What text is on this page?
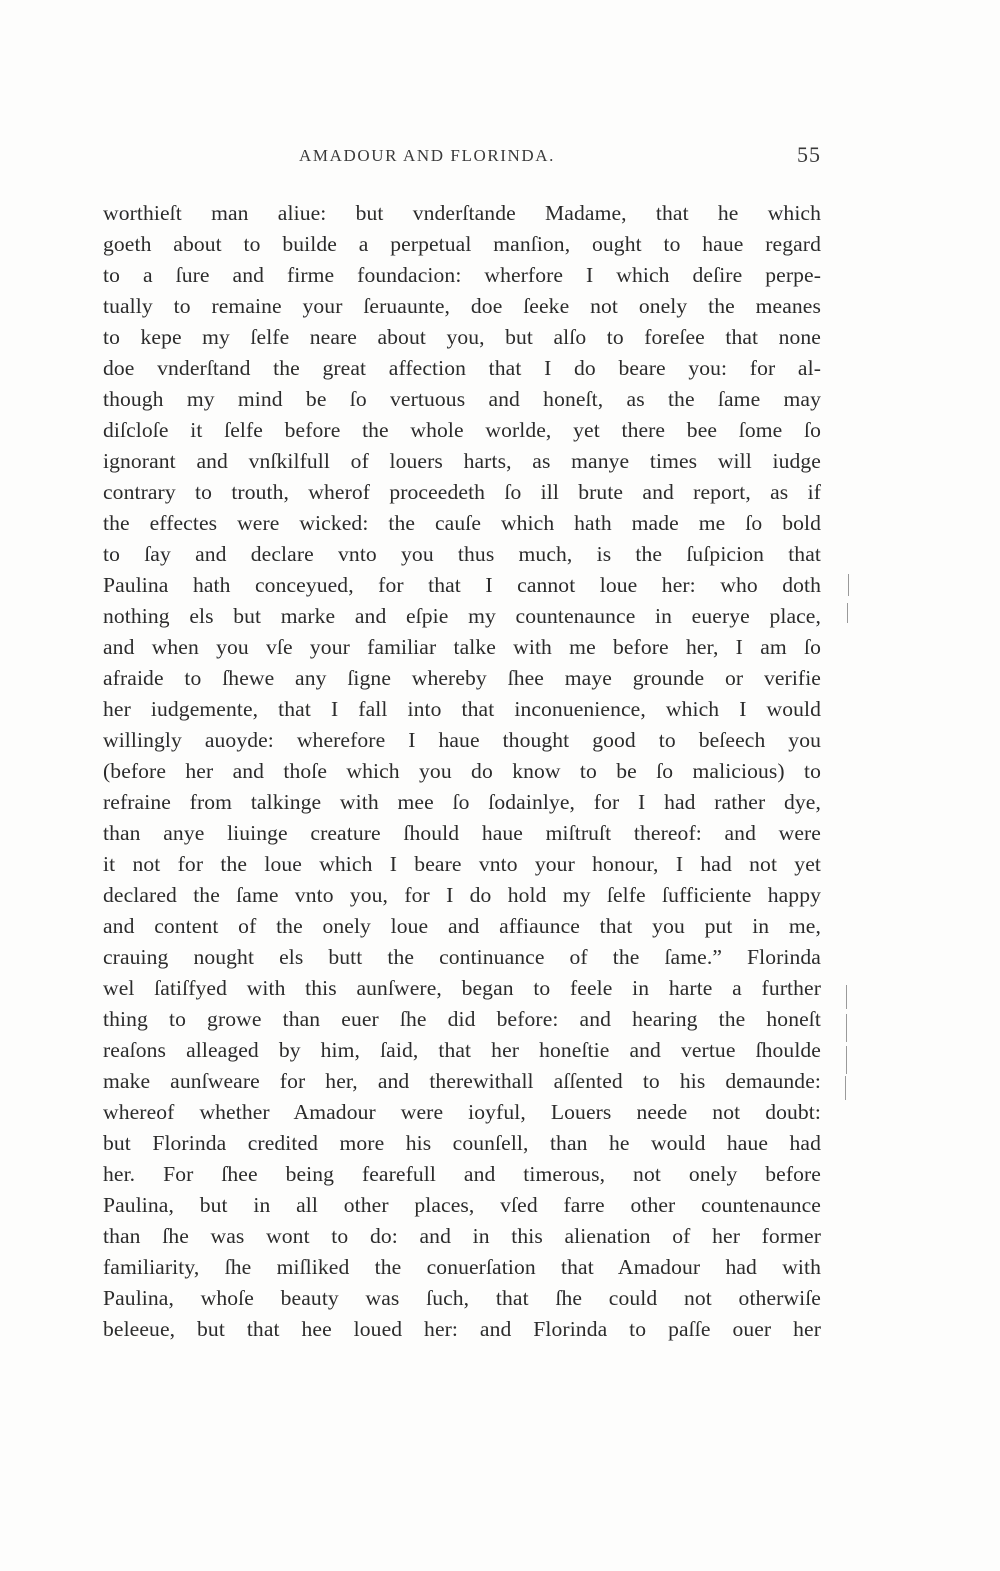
AMADOUR AND FLORINDA.	55
worthieſt man aliue: but vnderſtande Madame, that he which
goeth about to builde a perpetual manſion, ought to haue regard
to a ſure and firme foundacion: wherfore I which deſire perpe-
tually to remaine your ſeruaunte, doe ſeeke not onely the meanes
to kepe my ſelfe neare about you, but alſo to foreſee that none
doe vnderſtand the great affection that I do beare you: for al-
though my mind be ſo vertuous and honeſt, as the ſame may
diſcloſe it ſelfe before the whole worlde, yet there bee ſome ſo
ignorant and vnſkilfull of louers harts, as manye times will iudge
contrary to trouth, wherof proceedeth ſo ill brute and report, as if
the effectes were wicked: the cauſe which hath made me ſo bold
to ſay and declare vnto you thus much, is the ſuſpicion that
Paulina hath conceyued, for that I cannot loue her: who doth
nothing els but marke and eſpie my countenaunce in euerye place,
and when you vſe your familiar talke with me before her, I am ſo
afraide to ſhewe any ſigne whereby ſhee maye grounde or verifie
her iudgemente, that I fall into that inconuenience, which I would
willingly auoyde: wherefore I haue thought good to beſeech you
(before her and thoſe which you do know to be ſo malicious) to
refraine from talkinge with mee ſo ſodainlye, for I had rather dye,
than anye liuinge creature ſhould haue miſtruſt thereof: and were
it not for the loue which I beare vnto your honour, I had not yet
declared the ſame vnto you, for I do hold my ſelfe ſufficiente happy
and content of the onely loue and affiaunce that you put in me,
crauing nought els butt the continuance of the ſame.” Florinda
wel ſatiſfyed with this aunſwere, began to feele in harte a further
thing to growe than euer ſhe did before: and hearing the honeſt
reaſons alleaged by him, ſaid, that her honeſtie and vertue ſhoulde
make aunſweare for her, and therewithall aſſented to his demaunde:
whereof whether Amadour were ioyful, Louers neede not doubt:
but Florinda credited more his counſell, than he would haue had
her. For ſhee being fearefull and timerous, not onely before
Paulina, but in all other places, vſed farre other countenaunce
than ſhe was wont to do: and in this alienation of her former
familiarity, ſhe miſliked the conuerſation that Amadour had with
Paulina, whoſe beauty was ſuch, that ſhe could not otherwiſe
beleeue, but that hee loued her: and Florinda to paſſe ouer her
